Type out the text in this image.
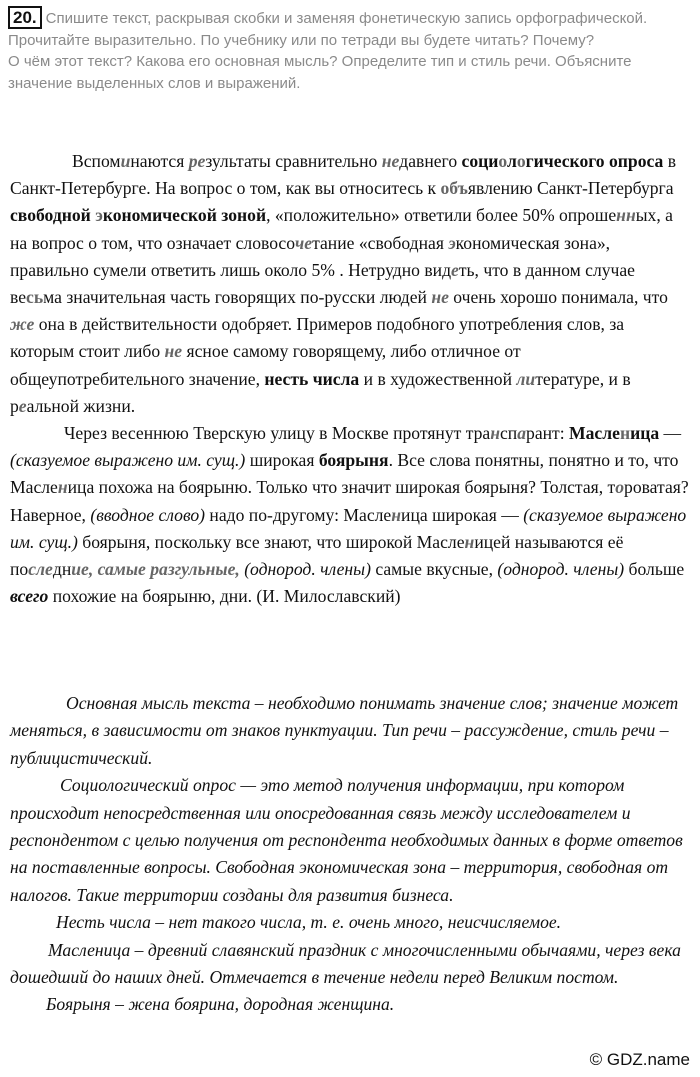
20. Спишите текст, раскрывая скобки и заменяя фонетическую запись орфографической. Прочитайте выразительно. По учебнику или по тетради вы будете читать? Почему?

О чём этот текст? Какова его основная мысль? Определите тип и стиль речи. Объясните значение выделенных слов и выражений.

Вспоминаются результаты сравнительно недавнего социологического опроса в Санкт-Петербурге. На вопрос о том, как вы относитесь к объявлению Санкт-Петербурга свободной экономической зоной, «положительно» ответили более 50% опрошенных, а на вопрос о том, что означает словосочетание «свободная экономическая зона», правильно сумели ответить лишь около 5% . Нетрудно видеть, что в данном случае весьма значительная часть говорящих по-русски людей не очень хорошо понимала, что же она в действительности одобряет. Примеров подобного употребления слов, за которым стоит либо не ясное самому говорящему, либо отличное от общеупотребительного значение, несть числа и в художественной литературе, и в реальной жизни.

Через весеннюю Тверскую улицу в Москве протянут транспарант: Масленица — (сказуемое выражено им. сущ.) широкая боярыня. Все слова понятны, понятно и то, что Масленица похожа на боярыню. Только что значит широкая боярыня? Толстая, тороватая? Наверное, (вводное слово) надо по-другому: Масленица широкая — (сказуемое выражено им. сущ.) боярыня, поскольку все знают, что широкой Масленицей называются её последние, самые разгульные, (однород. члены) самые вкусные, (однород. члены) больше всего похожие на боярыню, дни. (И. Милославский)

Основная мысль текста – необходимо понимать значение слов; значение может меняться, в зависимости от знаков пунктуации. Тип речи – рассуждение, стиль речи – публицистический.

Социологический опрос — это метод получения информации, при котором происходит непосредственная или опосредованная связь между исследователем и респондентом с целью получения от респондента необходимых данных в форме ответов на поставленные вопросы. Свободная экономическая зона – территория, свободная от налогов. Такие территории созданы для развития бизнеса.

Несть числа – нет такого числа, т. е. очень много, неисчисляемое.

Масленица – древний славянский праздник с многочисленными обычаями, через века дошедший до наших дней. Отмечается в течение недели перед Великим постом.

Боярыня – жена боярина, дородная женщина.

© GDZ.name
